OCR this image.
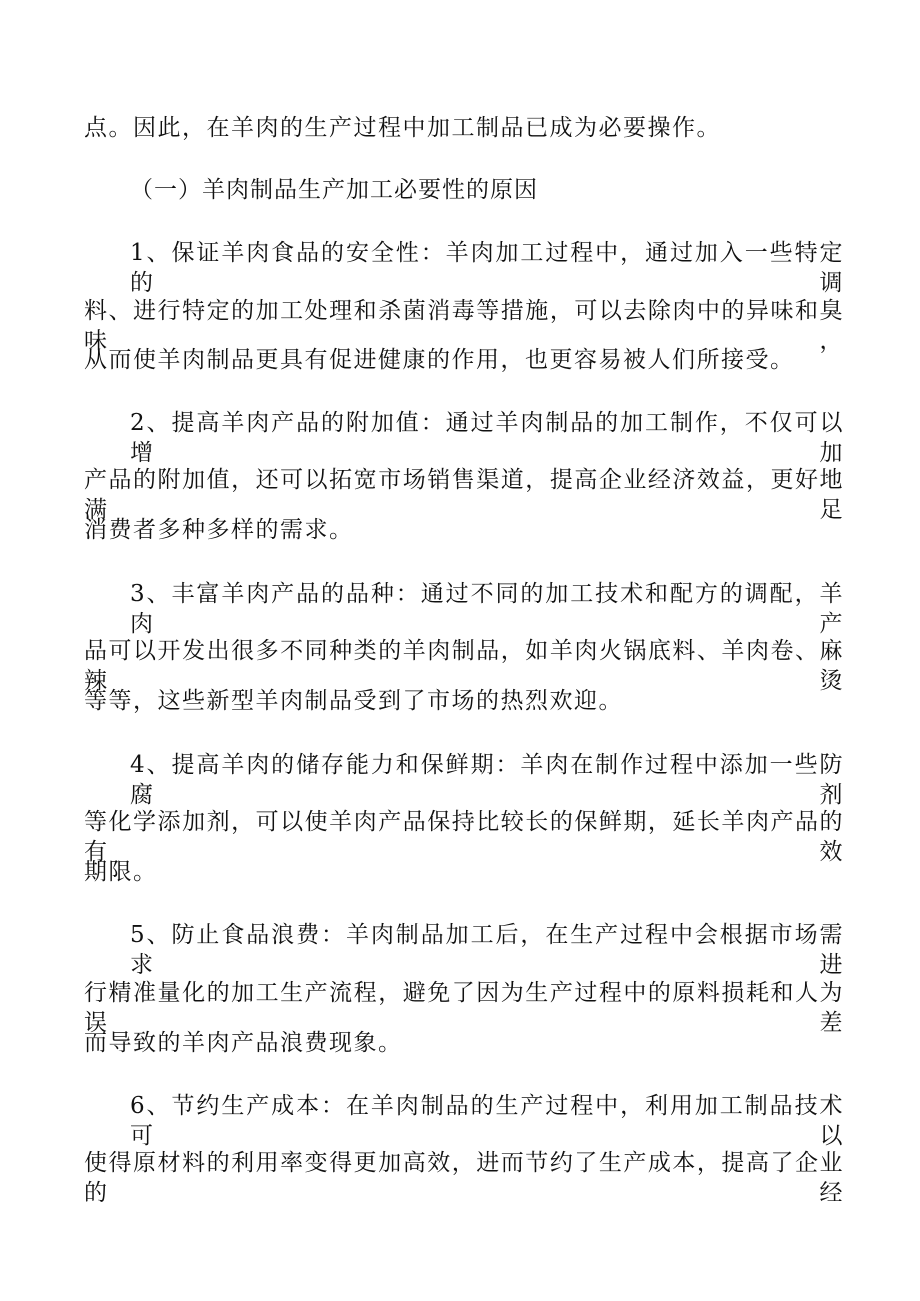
点。因此，在羊肉的生产过程中加工制品已成为必要操作。
（一）羊肉制品生产加工必要性的原因
1、保证羊肉食品的安全性：羊肉加工过程中，通过加入一些特定的调
料、进行特定的加工处理和杀菌消毒等措施，可以去除肉中的异味和臭味，
从而使羊肉制品更具有促进健康的作用，也更容易被人们所接受。
2、提高羊肉产品的附加值：通过羊肉制品的加工制作，不仅可以增加
产品的附加值，还可以拓宽市场销售渠道，提高企业经济效益，更好地满足
消费者多种多样的需求。
3、丰富羊肉产品的品种：通过不同的加工技术和配方的调配，羊肉产
品可以开发出很多不同种类的羊肉制品，如羊肉火锅底料、羊肉卷、麻辣烫
等等，这些新型羊肉制品受到了市场的热烈欢迎。
4、提高羊肉的储存能力和保鲜期：羊肉在制作过程中添加一些防腐剂
等化学添加剂，可以使羊肉产品保持比较长的保鲜期，延长羊肉产品的有效
期限。
5、防止食品浪费：羊肉制品加工后，在生产过程中会根据市场需求进
行精准量化的加工生产流程，避免了因为生产过程中的原料损耗和人为误差
而导致的羊肉产品浪费现象。
6、节约生产成本：在羊肉制品的生产过程中，利用加工制品技术可以
使得原材料的利用率变得更加高效，进而节约了生产成本，提高了企业的经
